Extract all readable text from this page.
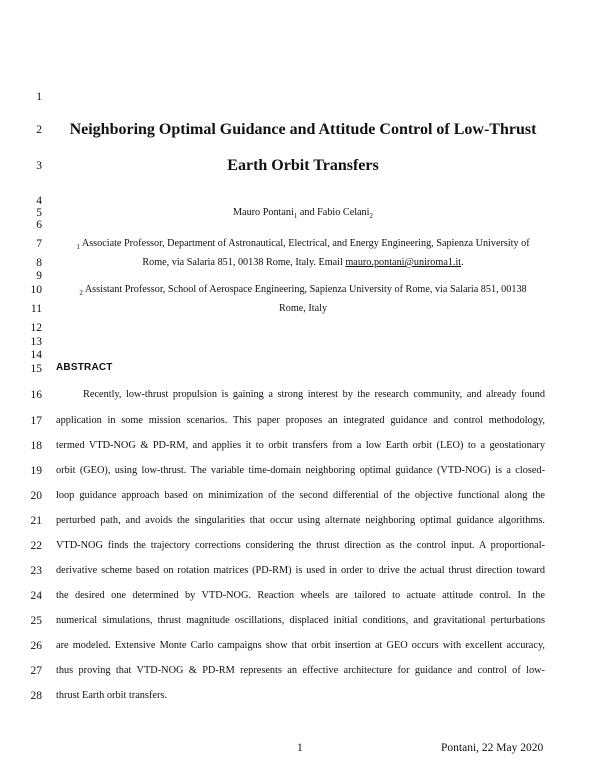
1
2
3
4
5
6
7
8
9
10
11
12
13
14
15
16
17
18
19
20
21
22
23
24
25
26
27
28
Neighboring Optimal Guidance and Attitude Control of Low-Thrust
Earth Orbit Transfers
Mauro Pontani$_1$ and Fabio Celani$_2$
$_1$ Associate Professor, Department of Astronautical, Electrical, and Energy Engineering, Sapienza University of
Rome, via Salaria 851, 00138 Rome, Italy. Email mauro.pontani@uniroma1.it.
$_2$ Assistant Professor, School of Aerospace Engineering, Sapienza University of Rome, via Salaria 851, 00138
Rome, Italy
ABSTRACT
Recently, low-thrust propulsion is gaining a strong interest by the research community, and already found
application in some mission scenarios. This paper proposes an integrated guidance and control methodology,
termed VTD-NOG & PD-RM, and applies it to orbit transfers from a low Earth orbit (LEO) to a geostationary
orbit (GEO), using low-thrust. The variable time-domain neighboring optimal guidance (VTD-NOG) is a closed-
loop guidance approach based on minimization of the second differential of the objective functional along the
perturbed path, and avoids the singularities that occur using alternate neighboring optimal guidance algorithms.
VTD-NOG finds the trajectory corrections considering the thrust direction as the control input. A proportional-
derivative scheme based on rotation matrices (PD-RM) is used in order to drive the actual thrust direction toward
the desired one determined by VTD-NOG. Reaction wheels are tailored to actuate attitude control. In the
numerical simulations, thrust magnitude oscillations, displaced initial conditions, and gravitational perturbations
are modeled. Extensive Monte Carlo campaigns show that orbit insertion at GEO occurs with excellent accuracy,
thus proving that VTD-NOG & PD-RM represents an effective architecture for guidance and control of low-
thrust Earth orbit transfers.
1	Pontani, 22 May 2020
